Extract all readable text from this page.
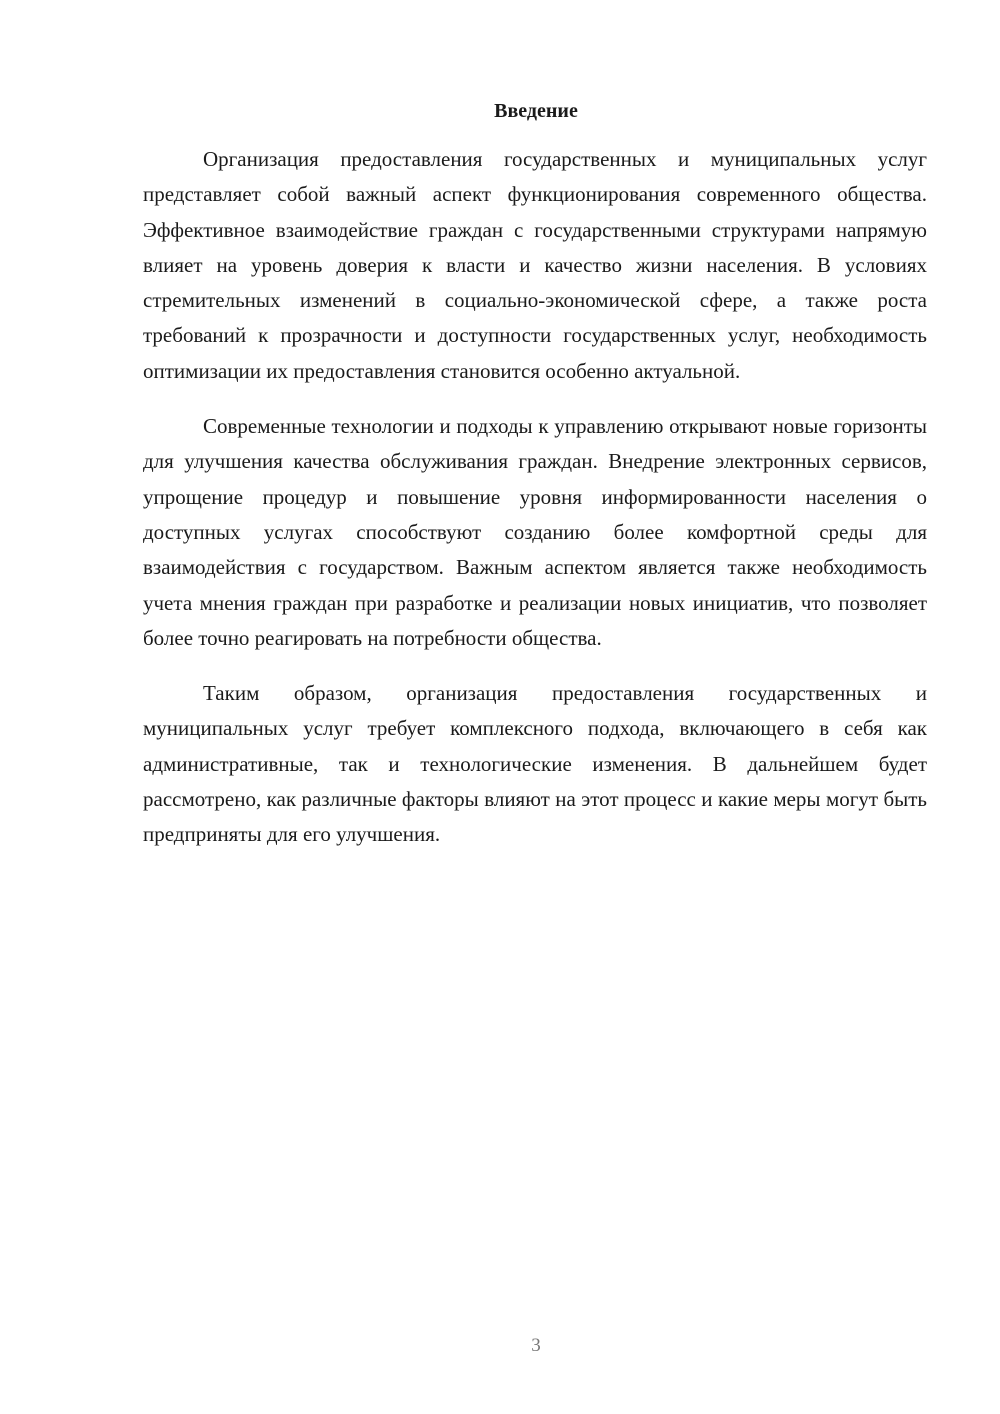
Введение

Организация предоставления государственных и муниципальных услуг представляет собой важный аспект функционирования современного общества. Эффективное взаимодействие граждан с государственными структурами напрямую влияет на уровень доверия к власти и качество жизни населения. В условиях стремительных изменений в социально-экономической сфере, а также роста требований к прозрачности и доступности государственных услуг, необходимость оптимизации их предоставления становится особенно актуальной.

Современные технологии и подходы к управлению открывают новые горизонты для улучшения качества обслуживания граждан. Внедрение электронных сервисов, упрощение процедур и повышение уровня информированности населения о доступных услугах способствуют созданию более комфортной среды для взаимодействия с государством. Важным аспектом является также необходимость учета мнения граждан при разработке и реализации новых инициатив, что позволяет более точно реагировать на потребности общества.

Таким образом, организация предоставления государственных и муниципальных услуг требует комплексного подхода, включающего в себя как административные, так и технологические изменения. В дальнейшем будет рассмотрено, как различные факторы влияют на этот процесс и какие меры могут быть предприняты для его улучшения.

3
